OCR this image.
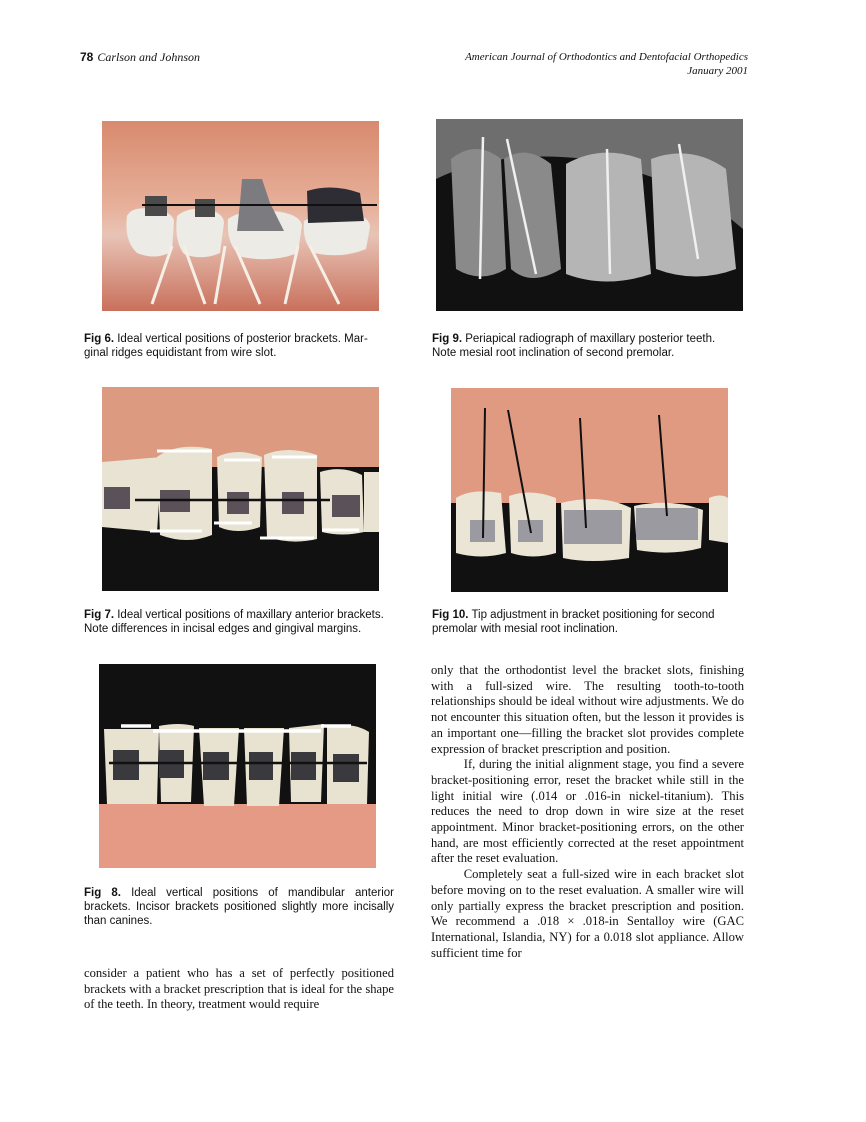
78 Carlson and Johnson	American Journal of Orthodontics and Dentofacial Orthopedics
January 2001
Fig 6. Ideal vertical positions of posterior brackets. Mar-
ginal ridges equidistant from wire slot.
Fig 9. Periapical radiograph of maxillary posterior teeth.
Note mesial root inclination of second premolar.
Fig 7. Ideal vertical positions of maxillary anterior brackets.
Note differences in incisal edges and gingival margins.
Fig 10. Tip adjustment in bracket positioning for second
premolar with mesial root inclination.

only that the orthodontist level the bracket slots, finishing with a full-sized wire. The resulting tooth-to-tooth relationships should be ideal without wire adjustments. We do not encounter this situation often, but the lesson it provides is an important one—filling the bracket slot provides complete expression of bracket prescription and position.

If, during the initial alignment stage, you find a severe bracket-positioning error, reset the bracket while still in the light initial wire (.014 or .016-in nickel-titanium). This reduces the need to drop down in wire size at the reset appointment. Minor bracket-positioning errors, on the other hand, are most efficiently corrected at the reset appointment after the reset evaluation.

Completely seat a full-sized wire in each bracket slot before moving on to the reset evaluation. A smaller wire will only partially express the bracket prescription and position. We recommend a .018 × .018-in Sentalloy wire (GAC International, Islandia, NY) for a 0.018 slot appliance. Allow sufficient time for

Fig 8. Ideal vertical positions of mandibular anterior brackets. Incisor brackets positioned slightly more incisally than canines.

consider a patient who has a set of perfectly positioned brackets with a bracket prescription that is ideal for the shape of the teeth. In theory, treatment would require
